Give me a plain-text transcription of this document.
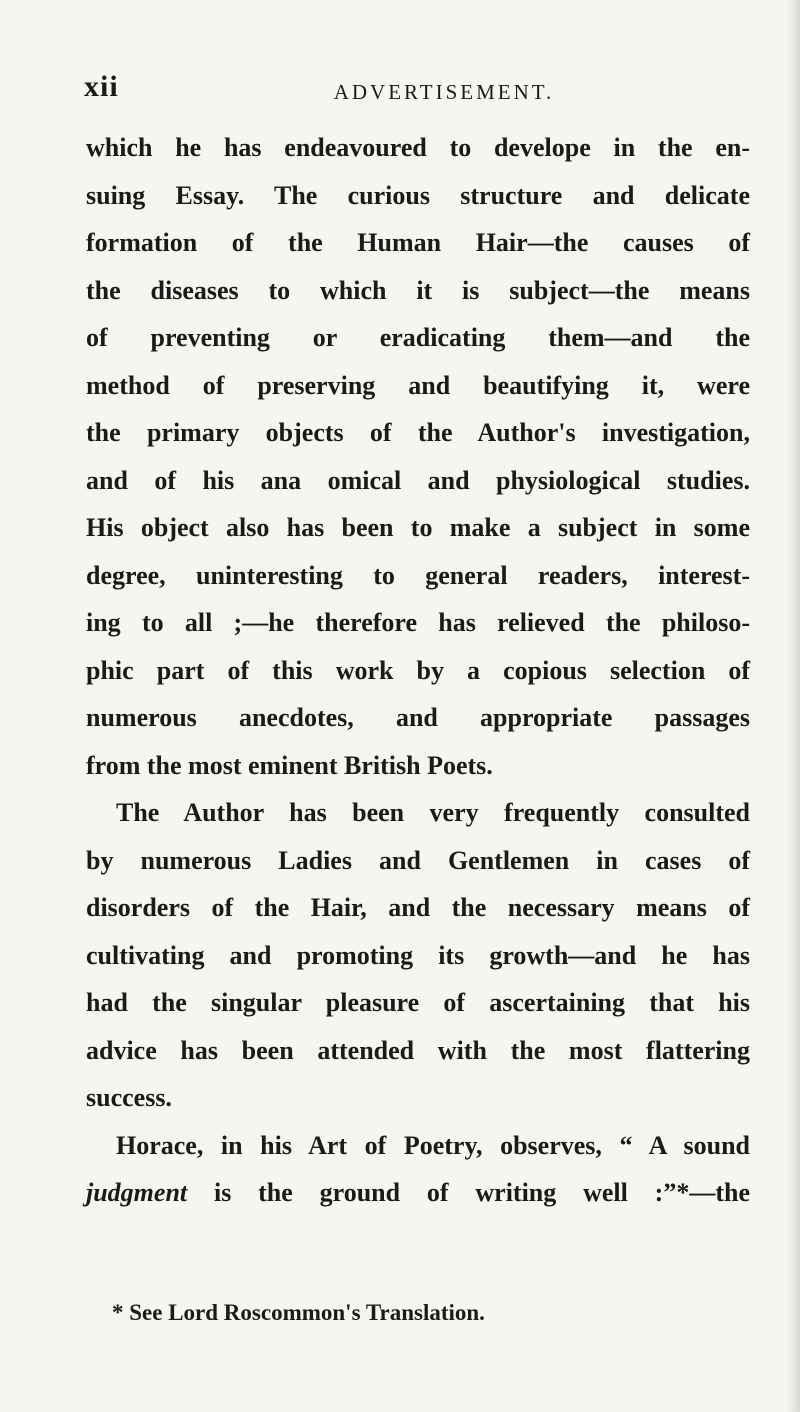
xii	ADVERTISEMENT.
which he has endeavoured to develope in the en-
suing Essay. The curious structure and delicate
formation of the Human Hair—the causes of
the diseases to which it is subject—the means
of preventing or eradicating them—and the
method of preserving and beautifying it, were
the primary objects of the Author's investigation,
and of his ana omical and physiological studies.
His object also has been to make a subject in some
degree, uninteresting to general readers, interest-
ing to all ;—he therefore has relieved the philoso-
phic part of this work by a copious selection of
numerous anecdotes, and appropriate passages
from the most eminent British Poets.
The Author has been very frequently consulted
by numerous Ladies and Gentlemen in cases of
disorders of the Hair, and the necessary means of
cultivating and promoting its growth—and he has
had the singular pleasure of ascertaining that his
advice has been attended with the most flattering
success.
Horace, in his Art of Poetry, observes, “ A sound
judgment is the ground of writing well :”*—the
* See Lord Roscommon's Translation.
